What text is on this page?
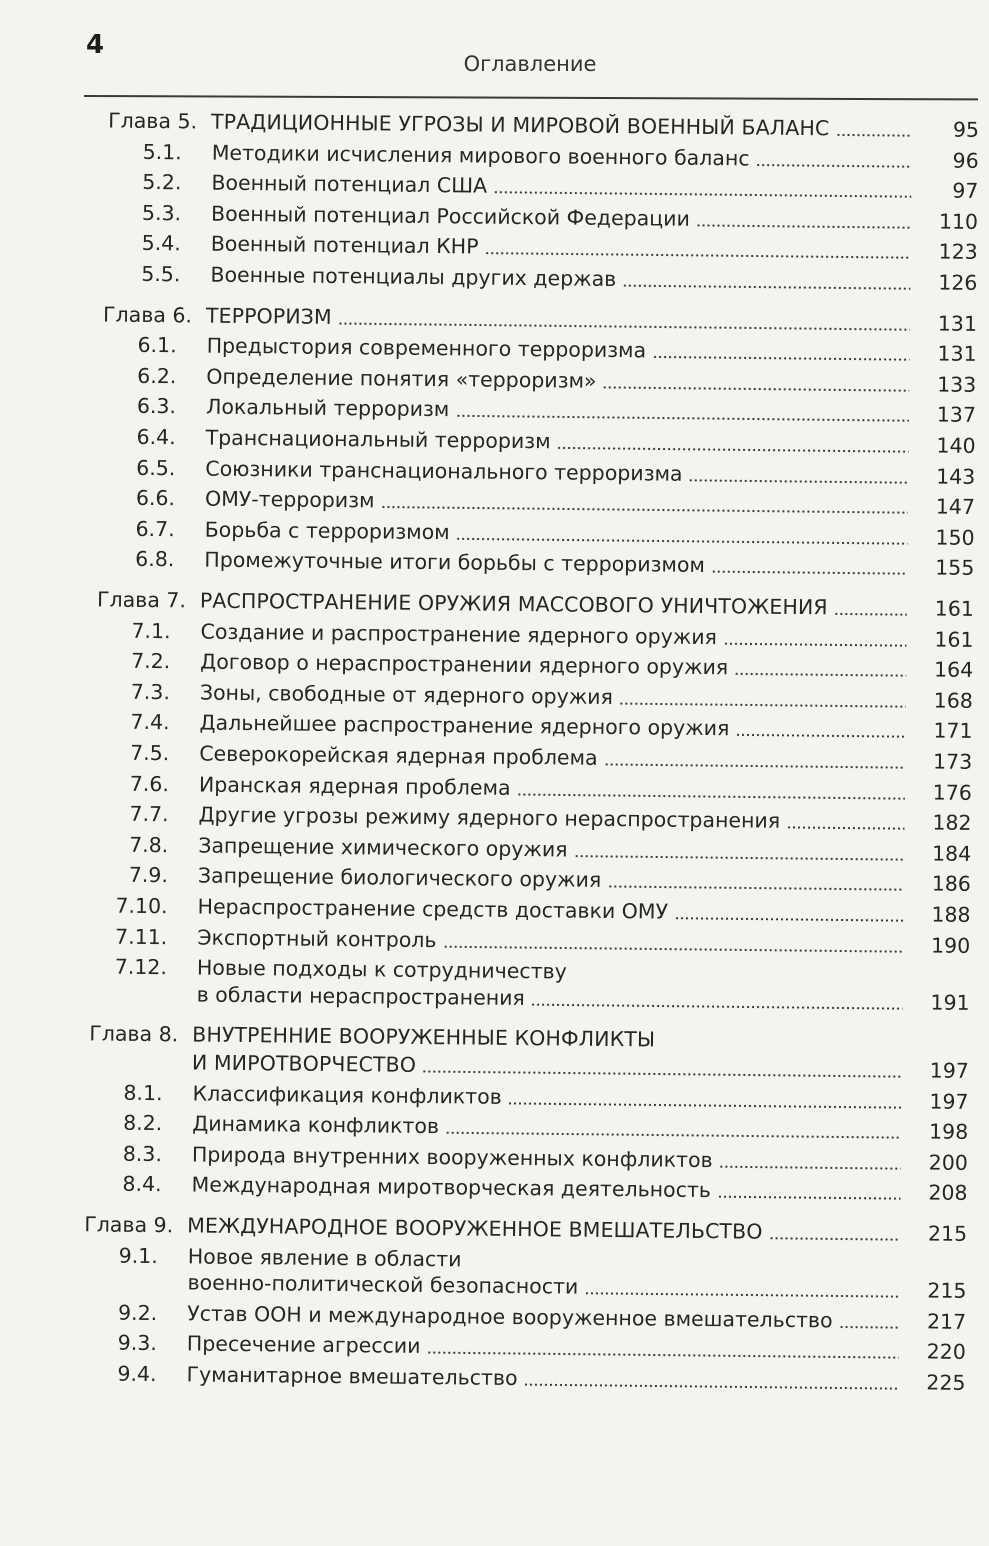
4
Оглавление
Глава 5. ТРАДИЦИОННЫЕ УГРОЗЫ И МИРОВОЙ ВОЕННЫЙ БАЛАНС	95
5.1. Методики исчисления мирового военного баланс	96
5.2. Военный потенциал США	97
5.3. Военный потенциал Российской Федерации	110
5.4. Военный потенциал КНР	123
5.5. Военные потенциалы других держав	126
Глава 6. ТЕРРОРИЗМ	131
6.1. Предыстория современного терроризма	131
6.2. Определение понятия «терроризм»	133
6.3. Локальный терроризм	137
6.4. Транснациональный терроризм	140
6.5. Союзники транснационального терроризма	143
6.6. ОМУ-терроризм	147
6.7. Борьба с терроризмом	150
6.8. Промежуточные итоги борьбы с терроризмом	155
Глава 7. РАСПРОСТРАНЕНИЕ ОРУЖИЯ МАССОВОГО УНИЧТОЖЕНИЯ	161
7.1. Создание и распространение ядерного оружия	161
7.2. Договор о нераспространении ядерного оружия	164
7.3. Зоны, свободные от ядерного оружия	168
7.4. Дальнейшее распространение ядерного оружия	171
7.5. Северокорейская ядерная проблема	173
7.6. Иранская ядерная проблема	176
7.7. Другие угрозы режиму ядерного нераспространения	182
7.8. Запрещение химического оружия	184
7.9. Запрещение биологического оружия	186
7.10. Нераспространение средств доставки ОМУ	188
7.11. Экспортный контроль	190
7.12. Новые подходы к сотрудничеству
в области нераспространения	191
Глава 8. ВНУТРЕННИЕ ВООРУЖЕННЫЕ КОНФЛИКТЫ
И МИРОТВОРЧЕСТВО	197
8.1. Классификация конфликтов	197
8.2. Динамика конфликтов	198
8.3. Природа внутренних вооруженных конфликтов	200
8.4. Международная миротворческая деятельность	208
Глава 9. МЕЖДУНАРОДНОЕ ВООРУЖЕННОЕ ВМЕШАТЕЛЬСТВО	215
9.1. Новое явление в области
военно-политической безопасности	215
9.2. Устав ООН и международное вооруженное вмешательство	217
9.3. Пресечение агрессии	220
9.4. Гуманитарное вмешательство	225
